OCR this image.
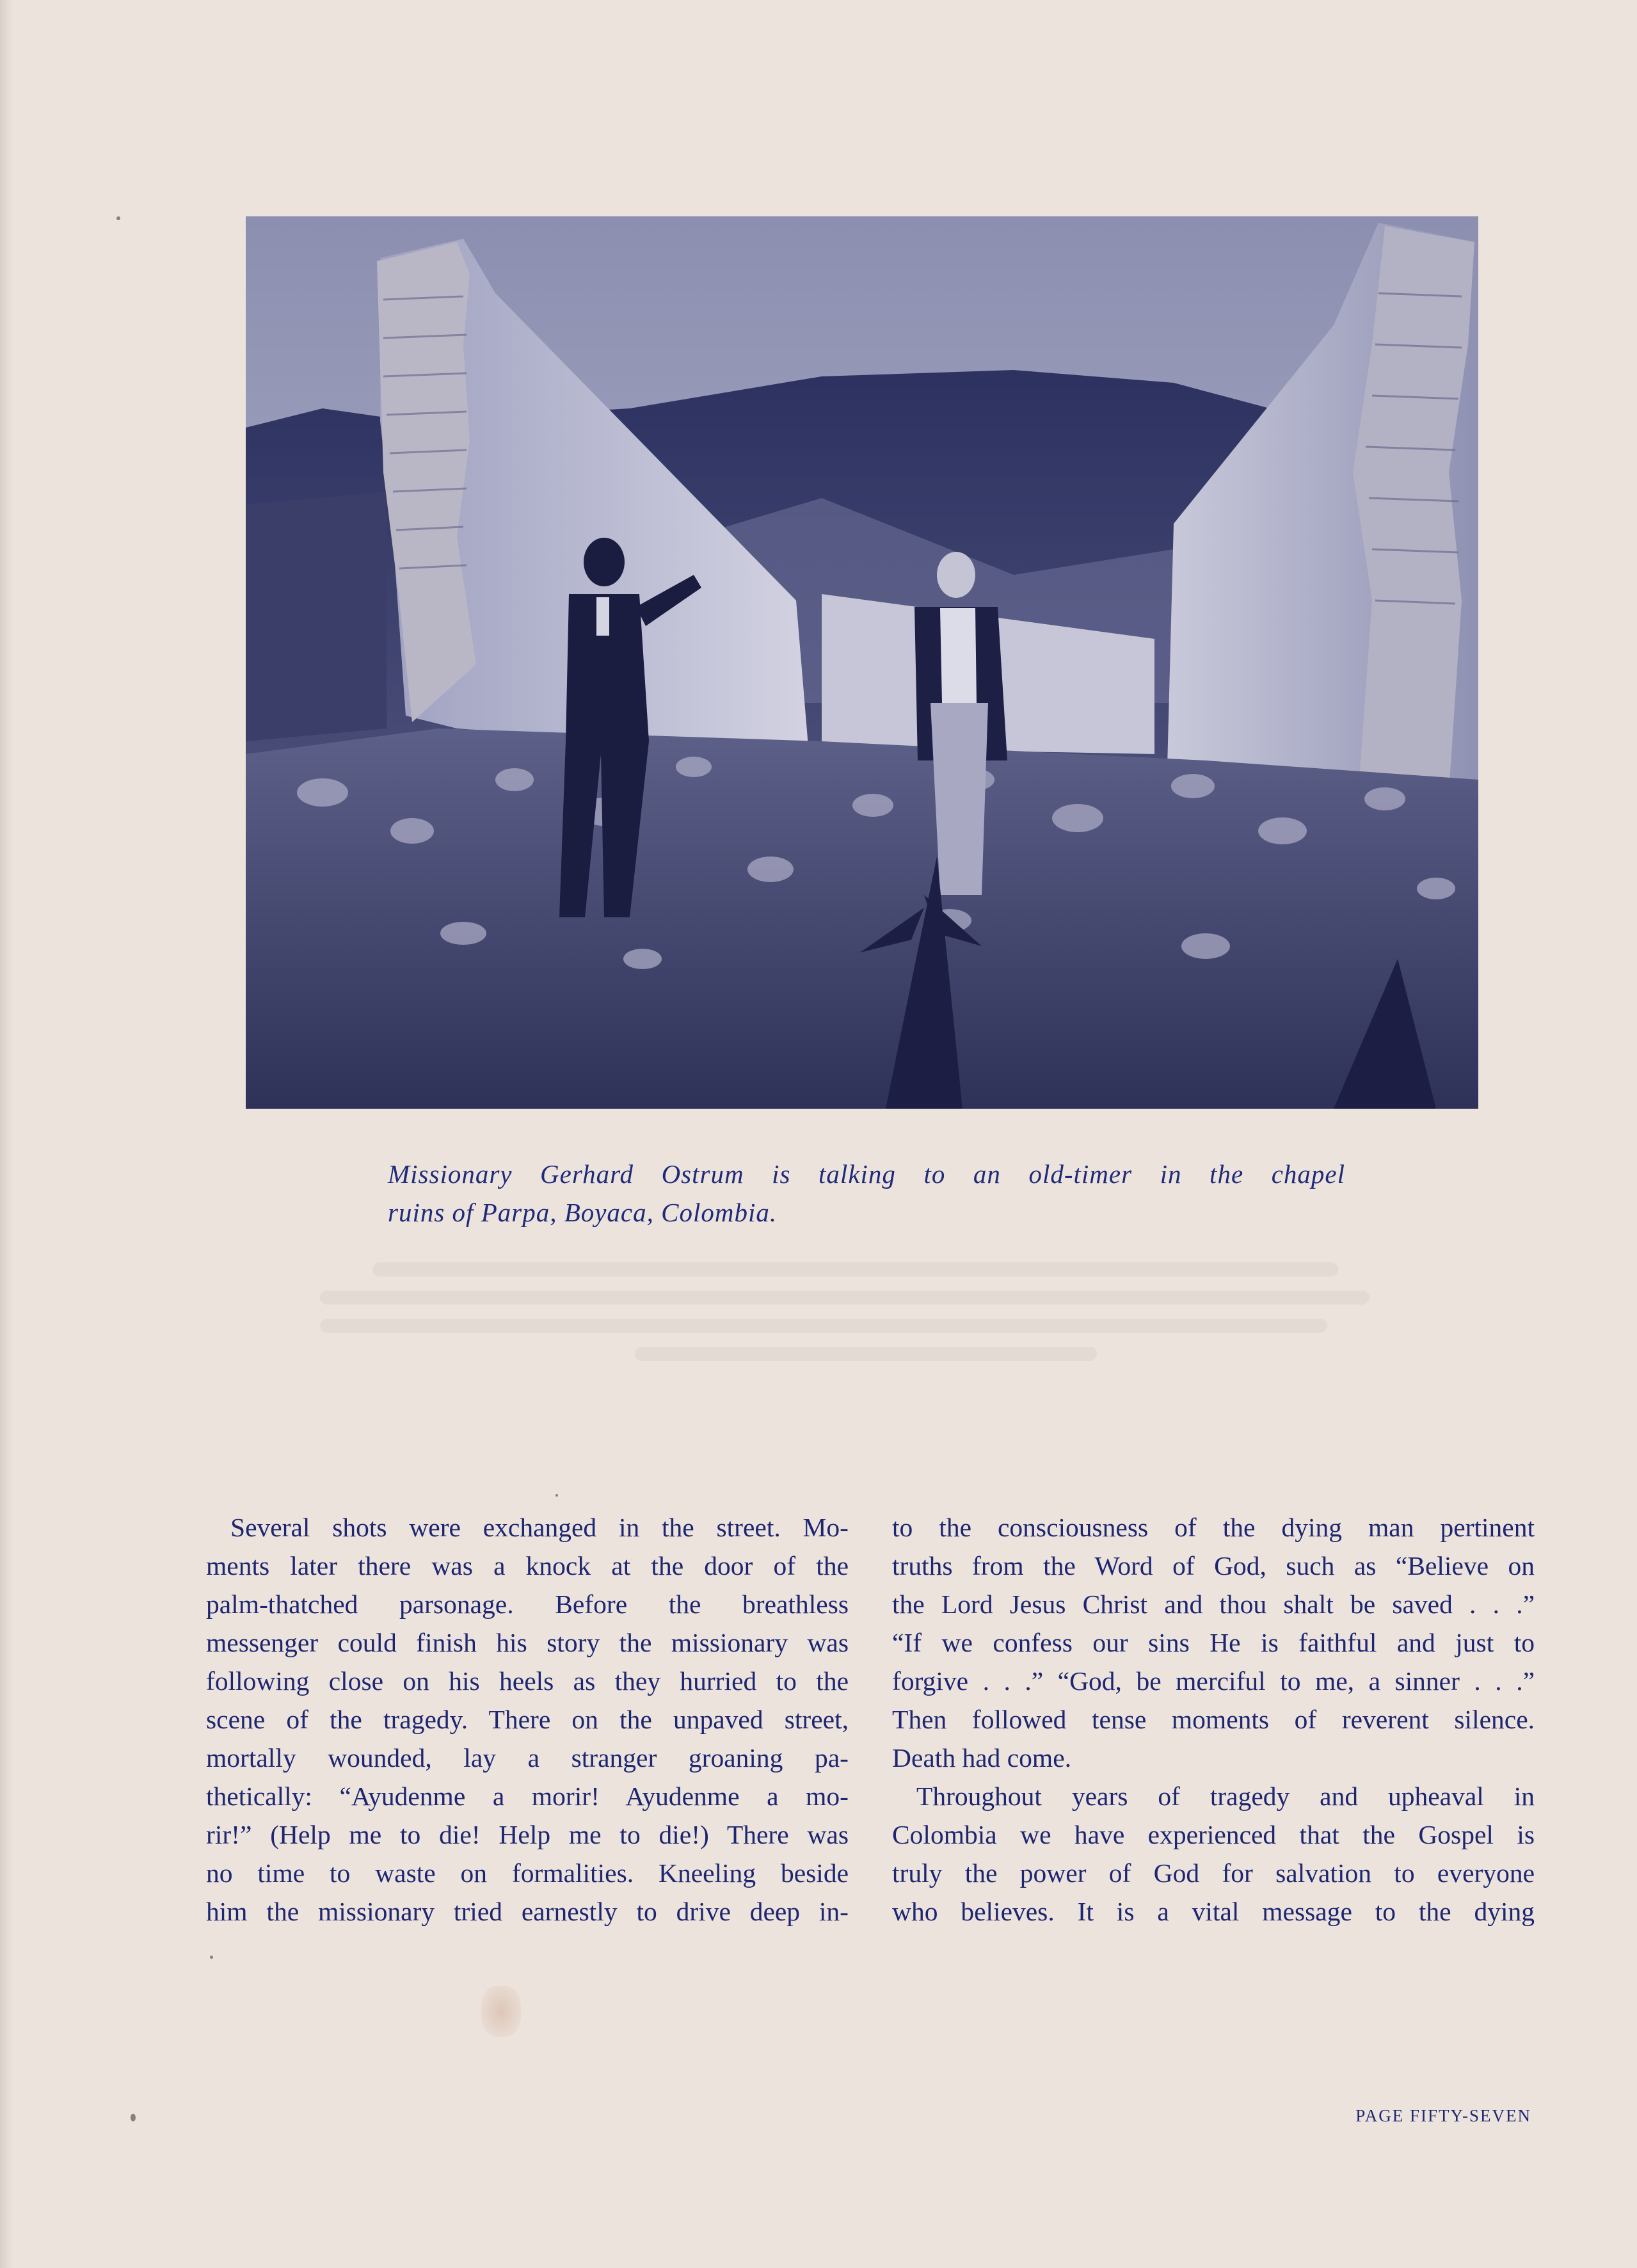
Missionary Gerhard Ostrum is talking to an old-timer in the chapel
ruins of Parpa, Boyaca, Colombia.
Several shots were exchanged in the street. Mo-
ments later there was a knock at the door of the
palm-thatched parsonage. Before the breathless
messenger could finish his story the missionary was
following close on his heels as they hurried to the
scene of the tragedy. There on the unpaved street,
mortally wounded, lay a stranger groaning pa-
thetically: “Ayudenme a morir! Ayudenme a mo-
rir!” (Help me to die! Help me to die!) There was
no time to waste on formalities. Kneeling beside
him the missionary tried earnestly to drive deep in-
to the consciousness of the dying man pertinent
truths from the Word of God, such as “Believe on
the Lord Jesus Christ and thou shalt be saved . . .”
“If we confess our sins He is faithful and just to
forgive . . .” “God, be merciful to me, a sinner . . .”
Then followed tense moments of reverent silence.
Death had come.
Throughout years of tragedy and upheaval in
Colombia we have experienced that the Gospel is
truly the power of God for salvation to everyone
who believes. It is a vital message to the dying
PAGE FIFTY-SEVEN
